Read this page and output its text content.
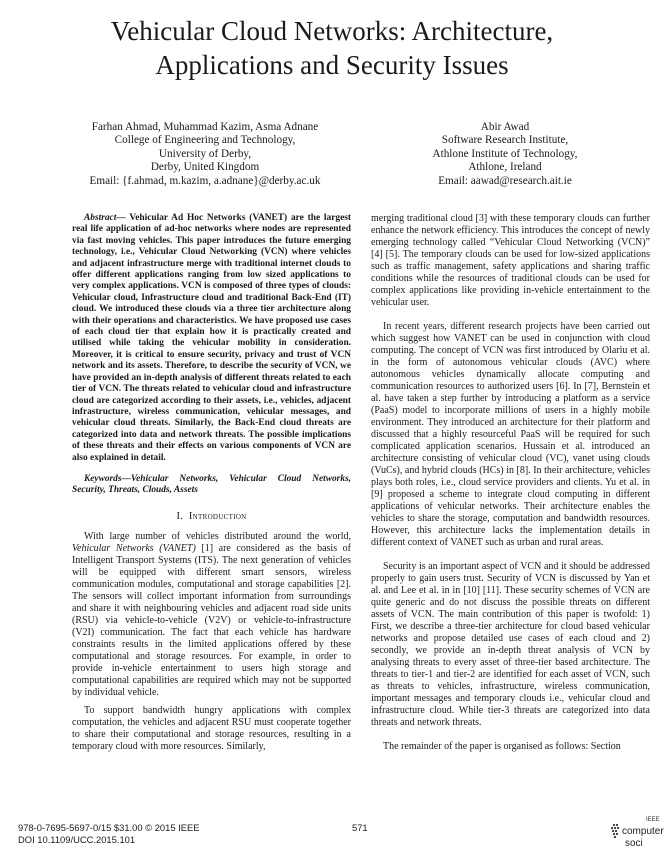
Vehicular Cloud Networks: Architecture,
Applications and Security Issues
Farhan Ahmad, Muhammad Kazim, Asma Adnane
College of Engineering and Technology,
University of Derby,
Derby, United Kingdom
Email: {f.ahmad, m.kazim, a.adnane}@derby.ac.uk
Abir Awad
Software Research Institute,
Athlone Institute of Technology,
Athlone, Ireland
Email: aawad@research.ait.ie

Abstract— Vehicular Ad Hoc Networks (VANET) are the largest real life application of ad-hoc networks where nodes are represented via fast moving vehicles. This paper introduces the future emerging technology, i.e., Vehicular Cloud Networking (VCN) where vehicles and adjacent infrastructure merge with traditional internet clouds to offer different applications ranging from low sized applications to very complex applications. VCN is composed of three types of clouds: Vehicular cloud, Infrastructure cloud and traditional Back-End (IT) cloud. We introduced these clouds via a three tier architecture along with their operations and characteristics. We have proposed use cases of each cloud tier that explain how it is practically created and utilised while taking the vehicular mobility in consideration. Moreover, it is critical to ensure security, privacy and trust of VCN network and its assets. Therefore, to describe the security of VCN, we have provided an in-depth analysis of different threats related to each tier of VCN. The threats related to vehicular cloud and infrastructure cloud are categorized according to their assets, i.e., vehicles, adjacent infrastructure, wireless communication, vehicular messages, and vehicular cloud threats. Similarly, the Back-End cloud threats are categorized into data and network threats. The possible implications of these threats and their effects on various components of VCN are also explained in detail.

Keywords—Vehicular Networks, Vehicular Cloud Networks, Security, Threats, Clouds, Assets

I. Introduction

With large number of vehicles distributed around the world, Vehicular Networks (VANET) [1] are considered as the basis of Intelligent Transport Systems (ITS). The next generation of vehicles will be equipped with different smart sensors, wireless communication modules, computational and storage capabilities [2]. The sensors will collect important information from surroundings and share it with neighbouring vehicles and adjacent road side units (RSU) via vehicle-to-vehicle (V2V) or vehicle-to-infrastructure (V2I) communication. The fact that each vehicle has hardware constraints results in the limited applications offered by these computational and storage resources. For example, in order to provide in-vehicle entertainment to users high storage and computational capabilities are required which may not be supported by individual vehicle.

To support bandwidth hungry applications with complex computation, the vehicles and adjacent RSU must cooperate together to share their computational and storage resources, resulting in a temporary cloud with more resources. Similarly,

merging traditional cloud [3] with these temporary clouds can further enhance the network efficiency. This introduces the concept of newly emerging technology called “Vehicular Cloud Networking (VCN)” [4] [5]. The temporary clouds can be used for low-sized applications such as traffic management, safety applications and sharing traffic conditions while the resources of traditional clouds can be used for complex applications like providing in-vehicle entertainment to the vehicular user.

In recent years, different research projects have been carried out which suggest how VANET can be used in conjunction with cloud computing. The concept of VCN was first introduced by Olariu et al. in the form of autonomous vehicular clouds (AVC) where autonomous vehicles dynamically allocate computing and communication resources to authorized users [6]. In [7], Bernstein et al. have taken a step further by introducing a platform as a service (PaaS) model to incorporate millions of users in a highly mobile environment. They introduced an architecture for their platform and discussed that a highly resourceful PaaS will be required for such complicated application scenarios. Hussain et al. introduced an architecture consisting of vehicular cloud (VC), vanet using clouds (VuCs), and hybrid clouds (HCs) in [8]. In their architecture, vehicles plays both roles, i.e., cloud service providers and clients. Yu et al. in [9] proposed a scheme to integrate cloud computing in different applications of vehicular networks. Their architecture enables the vehicles to share the storage, computation and bandwidth resources. However, this architecture lacks the implementation details in different context of VANET such as urban and rural areas.

Security is an important aspect of VCN and it should be addressed properly to gain users trust. Security of VCN is discussed by Yan et al. and Lee et al. in in [10] [11]. These security schemes of VCN are quite generic and do not discuss the possible threats on different assets of VCN. The main contribution of this paper is twofold: 1) First, we describe a three-tier architecture for cloud based vehicular networks and propose detailed use cases of each cloud and 2) secondly, we provide an in-depth threat analysis of VCN by analysing threats to every asset of three-tier based architecture. The threats to tier-1 and tier-2 are identified for each asset of VCN, such as threats to vehicles, infrastructure, wireless communication, important messages and temporary clouds i.e., vehicular cloud and infrastructure cloud. While tier-3 threats are categorized into data threats and network threats.

The remainder of the paper is organised as follows: Section

978-0-7695-5697-0/15 $31.00 © 2015 IEEE
DOI 10.1109/UCC.2015.101
571
IEEE
computer
soci
